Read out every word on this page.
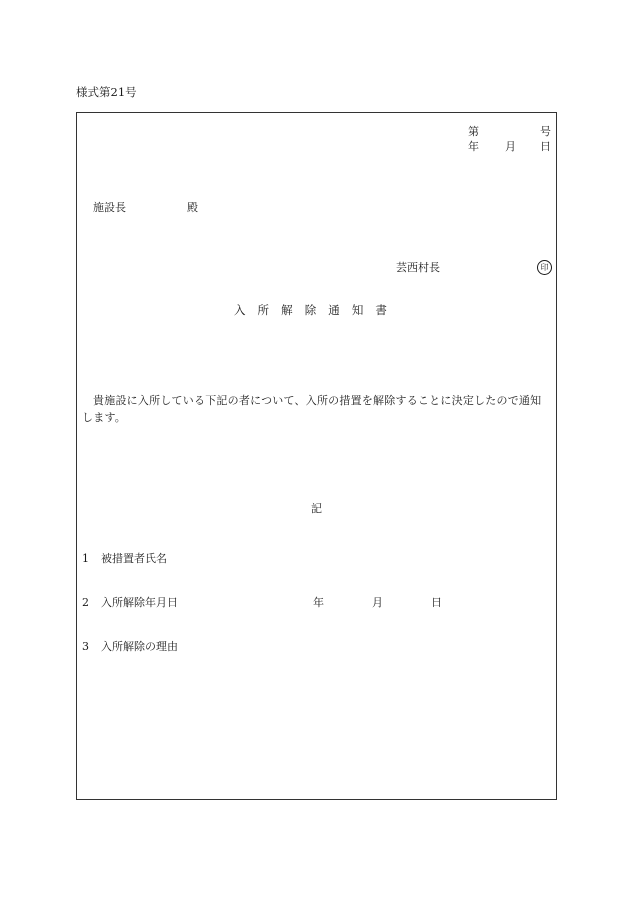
様式第21号
第	号
年 月 日
施設長	殿
芸西村長	印
入所解除通知書
貴施設に入所している下記の者について、入所の措置を解除することに決定したので通知します。
記
1 被措置者氏名
2 入所解除年月日	年	月	日
3 入所解除の理由
